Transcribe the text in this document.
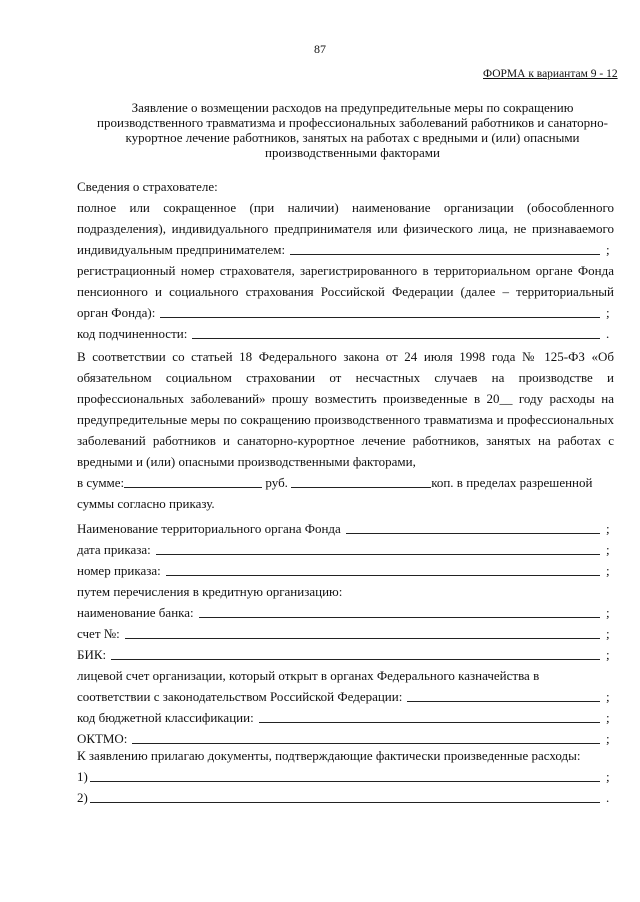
87
ФОРМА к вариантам 9 - 12
Заявление о возмещении расходов на предупредительные меры по сокращению производственного травматизма и профессиональных заболеваний работников и санаторно-курортное лечение работников, занятых на работах с вредными и (или) опасными производственными факторами
Сведения о страхователе:
полное или сокращенное (при наличии) наименование организации (обособленного подразделения), индивидуального предпринимателя или физического лица, не признаваемого
индивидуальным предпринимателем:	;
регистрационный номер страхователя, зарегистрированного в территориальном органе Фонда пенсионного и социального страхования Российской Федерации (далее – территориальный
орган Фонда):	;
код подчиненности:	.
В соответствии со статьей 18 Федерального закона от 24 июля 1998 года № 125-ФЗ «Об обязательном социальном страховании от несчастных случаев на производстве и профессиональных заболеваний» прошу возместить произведенные в 20__ году расходы на предупредительные меры по сокращению производственного травматизма и профессиональных заболеваний работников и санаторно-курортное лечение работников, занятых на работах с вредными и (или) опасными производственными факторами,
в сумме:	руб.	коп. в пределах разрешенной
суммы согласно приказу.
Наименование территориального органа Фонда	;
дата приказа:	;
номер приказа:	;
путем перечисления в кредитную организацию:
наименование банка:	;
счет №:	;
БИК:	;
лицевой счет организации, который открыт в органах Федерального казначейства в
соответствии с законодательством Российской Федерации:	;
код бюджетной классификации:	;
ОКТМО:	;
К заявлению прилагаю документы, подтверждающие фактически произведенные расходы:
1)	;
2)	.
